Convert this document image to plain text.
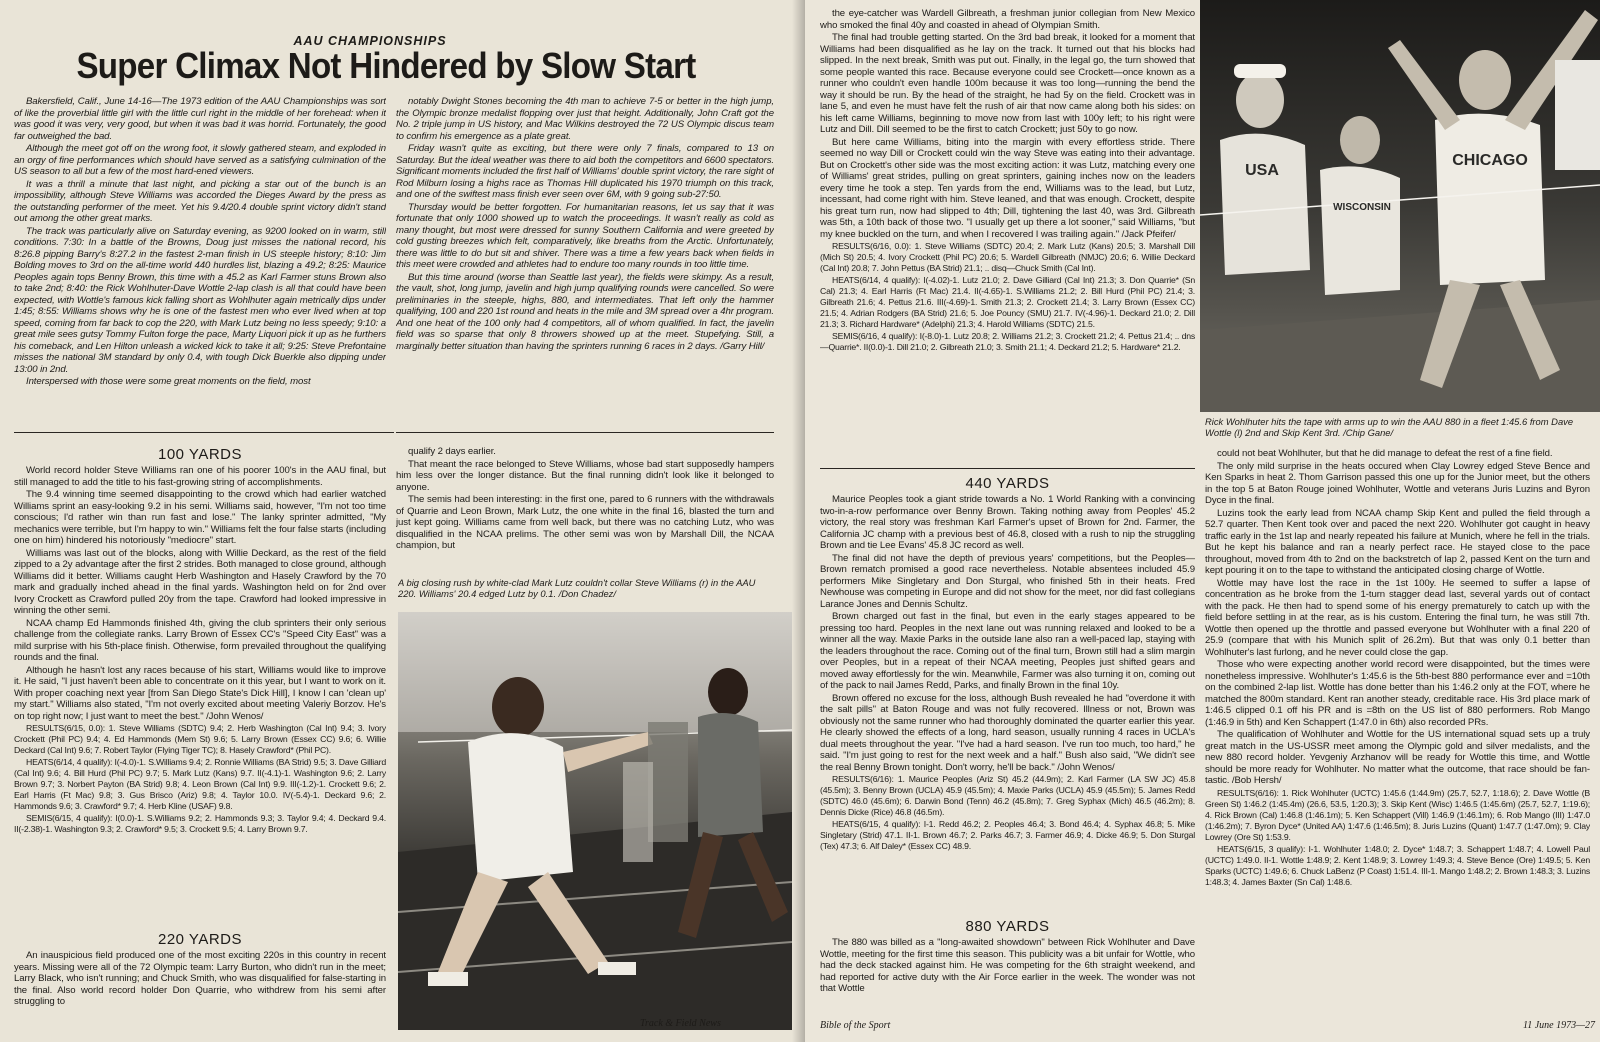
AAU CHAMPIONSHIPS
Super Climax Not Hindered by Slow Start

Bakersfield, Calif., June 14-16—The 1973 edition of the AAU Championships was sort of like the proverbial little girl with the little curl right in the middle of her forehead: when it was good it was very, very good, but when it was bad it was horrid. Fortunately, the good far outweighed the bad.

Although the meet got off on the wrong foot, it slowly gathered steam, and exploded in an orgy of fine performances which should have served as a satisfying culmination of the US season to all but a few of the most hard-ened viewers.

It was a thrill a minute that last night, and picking a star out of the bunch is an impossibility, although Steve Williams was accorded the Dieges Award by the press as the outstanding performer of the meet. Yet his 9.4/20.4 double sprint victory didn't stand out among the other great marks.

The track was particularly alive on Saturday evening, as 9200 looked on in warm, still conditions. 7:30: In a battle of the Browns, Doug just misses the national record, his 8:26.8 pipping Barry's 8:27.2 in the fastest 2-man finish in US steeple history; 8:10: Jim Bolding moves to 3rd on the all-time world 440 hurdles list, blazing a 49.2; 8:25: Maurice Peoples again tops Benny Brown, this time with a 45.2 as Karl Farmer stuns Brown also to take 2nd; 8:40: the Rick Wohlhuter-Dave Wottle 2-lap clash is all that could have been expected, with Wottle's famous kick falling short as Wohlhuter again metrically dips under 1:45; 8:55: Williams shows why he is one of the fastest men who ever lived when at top speed, coming from far back to cop the 220, with Mark Lutz being no less speedy; 9:10: a great mile sees gutsy Tommy Fulton forge the pace, Marty Liquori pick it up as he furthers his comeback, and Len Hilton unleash a wicked kick to take it all; 9:25: Steve Prefontaine misses the national 3M standard by only 0.4, with tough Dick Buerkle also dipping under 13:00 in 2nd.

Interspersed with those were some great moments on the field, most

notably Dwight Stones becoming the 4th man to achieve 7-5 or better in the high jump, the Olympic bronze medalist flopping over just that height. Additionally, John Craft got the No. 2 triple jump in US history, and Mac Wilkins destroyed the 72 US Olympic discus team to confirm his emergence as a plate great.

Friday wasn't quite as exciting, but there were only 7 finals, compared to 13 on Saturday. But the ideal weather was there to aid both the competitors and 6600 spectators. Significant moments included the first half of Williams' double sprint victory, the rare sight of Rod Milburn losing a highs race as Thomas Hill duplicated his 1970 triumph on this track, and one of the swiftest mass finish ever seen over 6M, with 9 going sub-27:50.

Thursday would be better forgotten. For humanitarian reasons, let us say that it was fortunate that only 1000 showed up to watch the proceedings. It wasn't really as cold as many thought, but most were dressed for sunny Southern California and were greeted by cold gusting breezes which felt, comparatively, like breaths from the Arctic. Unfortunately, there was little to do but sit and shiver. There was a time a few years back when fields in this meet were crowded and athletes had to endure too many rounds in too little time.

But this time around (worse than Seattle last year), the fields were skimpy. As a result, the vault, shot, long jump, javelin and high jump qualifying rounds were cancelled. So were preliminaries in the steeple, highs, 880, and intermediates. That left only the hammer qualifying, 100 and 220 1st round and heats in the mile and 3M spread over a 4hr program. And one heat of the 100 only had 4 competitors, all of whom qualified. In fact, the javelin field was so sparse that only 8 throwers showed up at the meet. Stupefying. Still, a marginally better situation than having the sprinters running 6 races in 2 days. /Garry Hill/

100 YARDS

World record holder Steve Williams ran one of his poorer 100's in the AAU final, but still managed to add the title to his fast-growing string of accomplishments.

The 9.4 winning time seemed disappointing to the crowd which had earlier watched Williams sprint an easy-looking 9.2 in his semi. Williams said, however, "I'm not too time conscious; I'd rather win than run fast and lose." The lanky sprinter admitted, "My mechanics were terrible, but I'm happy to win." Williams felt the four false starts (including one on him) hindered his notoriously "mediocre" start.

Williams was last out of the blocks, along with Willie Deckard, as the rest of the field zipped to a 2y advantage after the first 2 strides. Both managed to close ground, although Williams did it better. Williams caught Herb Washington and Hasely Crawford by the 70 mark and gradually inched ahead in the final yards. Washington held on for 2nd over Ivory Crockett as Crawford pulled 20y from the tape. Crawford had looked impressive in winning the other semi.

NCAA champ Ed Hammonds finished 4th, giving the club sprinters their only serious challenge from the collegiate ranks. Larry Brown of Essex CC's "Speed City East" was a mild surprise with his 5th-place finish. Otherwise, form prevailed throughout the qualifying rounds and the final.

Although he hasn't lost any races because of his start, Williams would like to improve it. He said, "I just haven't been able to concentrate on it this year, but I want to work on it. With proper coaching next year [from San Diego State's Dick Hill], I know I can 'clean up' my start." Williams also stated, "I'm not overly excited about meeting Valeriy Borzov. He's on top right now; I just want to meet the best." /John Wenos/

RESULTS(6/15, 0.0): 1. Steve Williams (SDTC) 9.4; 2. Herb Washington (Cal Int) 9.4; 3. Ivory Crockett (Phil PC) 9.4; 4. Ed Hammonds (Mem St) 9.6; 5. Larry Brown (Essex CC) 9.6; 6. Willie Deckard (Cal Int) 9.6; 7. Robert Taylor (Flying Tiger TC); 8. Hasely Crawford* (Phil PC).

HEATS(6/14, 4 qualify): I(-4.0)-1. S.Williams 9.4; 2. Ronnie Williams (BA Strid) 9.5; 3. Dave Gilliard (Cal Int) 9.6; 4. Bill Hurd (Phil PC) 9.7; 5. Mark Lutz (Kans) 9.7. II(-4.1)-1. Washington 9.6; 2. Larry Brown 9.7; 3. Norbert Payton (BA Strid) 9.8; 4. Leon Brown (Cal Int) 9.9. III(-1.2)-1. Crockett 9.6; 2. Earl Harris (Ft Mac) 9.8; 3. Gus Brisco (Ariz) 9.8; 4. Taylor 10.0. IV(-5.4)-1. Deckard 9.6; 2. Hammonds 9.6; 3. Crawford* 9.7; 4. Herb Kline (USAF) 9.8.

SEMIS(6/15, 4 qualify): I(0.0)-1. S.Williams 9.2; 2. Hammonds 9.3; 3. Taylor 9.4; 4. Deckard 9.4. II(-2.38)-1. Washington 9.3; 2. Crawford* 9.5; 3. Crockett 9.5; 4. Larry Brown 9.7.

220 YARDS

An inauspicious field produced one of the most exciting 220s in this country in recent years. Missing were all of the 72 Olympic team: Larry Burton, who didn't run in the meet; Larry Black, who isn't running; and Chuck Smith, who was disqualified for false-starting in the final. Also world record holder Don Quarrie, who withdrew from his semi after struggling to

qualify 2 days earlier.

That meant the race belonged to Steve Williams, whose bad start supposedly hampers him less over the longer distance. But the final running didn't look like it belonged to anyone.

The semis had been interesting: in the first one, pared to 6 runners with the withdrawals of Quarrie and Leon Brown, Mark Lutz, the one white in the final 16, blasted the turn and just kept going. Williams came from well back, but there was no catching Lutz, who was disqualified in the NCAA prelims. The other semi was won by Marshall Dill, the NCAA champion, but

A big closing rush by white-clad Mark Lutz couldn't collar Steve Williams (r) in the AAU 220. Williams' 20.4 edged Lutz by 0.1. /Don Chadez/
Track & Field News

the eye-catcher was Wardell Gilbreath, a freshman junior collegian from New Mexico who smoked the final 40y and coasted in ahead of Olympian Smith.

The final had trouble getting started. On the 3rd bad break, it looked for a moment that Williams had been disqualified as he lay on the track. It turned out that his blocks had slipped. In the next break, Smith was put out. Finally, in the legal go, the turn showed that some people wanted this race. Because everyone could see Crockett—once known as a runner who couldn't even handle 100m because it was too long—running the bend the way it should be run. By the head of the straight, he had 5y on the field. Crockett was in lane 5, and even he must have felt the rush of air that now came along both his sides: on his left came Williams, beginning to move now from last with 100y left; to his right were Lutz and Dill. Dill seemed to be the first to catch Crockett; just 50y to go now.

But here came Williams, biting into the margin with every effortless stride. There seemed no way Dill or Crockett could win the way Steve was eating into their advantage. But on Crockett's other side was the most exciting action: it was Lutz, matching every one of Williams' great strides, pulling on great sprinters, gaining inches now on the leaders every time he took a step. Ten yards from the end, Williams was to the lead, but Lutz, incessant, had come right with him. Steve leaned, and that was enough. Crockett, despite his great turn run, now had slipped to 4th; Dill, tightening the last 40, was 3rd. Gilbreath was 5th, a 10th back of those two. "I usually get up there a lot sooner," said Williams, "but my knee buckled on the turn, and when I recovered I was trailing again." /Jack Pfeifer/

RESULTS(6/16, 0.0): 1. Steve Williams (SDTC) 20.4; 2. Mark Lutz (Kans) 20.5; 3. Marshall Dill (Mich St) 20.5; 4. Ivory Crockett (Phil PC) 20.6; 5. Wardell Gilbreath (NMJC) 20.6; 6. Willie Deckard (Cal Int) 20.8; 7. John Pettus (BA Strid) 21.1; .. disq—Chuck Smith (Cal Int).

HEATS(6/14, 4 qualify): I(-4.02)-1. Lutz 21.0; 2. Dave Gilliard (Cal Int) 21.3; 3. Don Quarrie* (Sn Cal) 21.3; 4. Earl Harris (Ft Mac) 21.4. II(-4.65)-1. S.Williams 21.2; 2. Bill Hurd (Phil PC) 21.4; 3. Gilbreath 21.6; 4. Pettus 21.6. III(-4.69)-1. Smith 21.3; 2. Crockett 21.4; 3. Larry Brown (Essex CC) 21.5; 4. Adrian Rodgers (BA Strid) 21.6; 5. Joe Pouncy (SMU) 21.7. IV(-4.96)-1. Deckard 21.0; 2. Dill 21.3; 3. Richard Hardware* (Adelphi) 21.3; 4. Harold Williams (SDTC) 21.5.

SEMIS(6/16, 4 qualify): I(-8.0)-1. Lutz 20.8; 2. Williams 21.2; 3. Crockett 21.2; 4. Pettus 21.4; .. dns—Quarrie*. II(0.0)-1. Dill 21.0; 2. Gilbreath 21.0; 3. Smith 21.1; 4. Deckard 21.2; 5. Hardware* 21.2.

440 YARDS

Maurice Peoples took a giant stride towards a No. 1 World Ranking with a convincing two-in-a-row performance over Benny Brown. Taking nothing away from Peoples' 45.2 victory, the real story was freshman Karl Farmer's upset of Brown for 2nd. Farmer, the California JC champ with a previous best of 46.8, closed with a rush to nip the struggling Brown and tie Lee Evans' 45.8 JC record as well.

The final did not have the depth of previous years' competitions, but the Peoples—Brown rematch promised a good race nevertheless. Notable absentees included 45.9 performers Mike Singletary and Don Sturgal, who finished 5th in their heats. Fred Newhouse was competing in Europe and did not show for the meet, nor did fast collegians Larance Jones and Dennis Schultz.

Brown charged out fast in the final, but even in the early stages appeared to be pressing too hard. Peoples in the next lane out was running relaxed and looked to be a winner all the way. Maxie Parks in the outside lane also ran a well-paced lap, staying with the leaders throughout the race. Coming out of the final turn, Brown still had a slim margin over Peoples, but in a repeat of their NCAA meeting, Peoples just shifted gears and moved away effortlessly for the win. Meanwhile, Farmer was also turning it on, coming out of the pack to nail James Redd, Parks, and finally Brown in the final 10y.

Brown offered no excuse for the loss, although Bush revealed he had "overdone it with the salt pills" at Baton Rouge and was not fully recovered. Illness or not, Brown was obviously not the same runner who had thoroughly dominated the quarter earlier this year. He clearly showed the effects of a long, hard season, usually running 4 races in UCLA's dual meets throughout the year. "I've had a hard season. I've run too much, too hard," he said. "I'm just going to rest for the next week and a half." Bush also said, "We didn't see the real Benny Brown tonight. Don't worry, he'll be back." /John Wenos/

RESULTS(6/16): 1. Maurice Peoples (Ariz St) 45.2 (44.9m); 2. Karl Farmer (LA SW JC) 45.8 (45.5m); 3. Benny Brown (UCLA) 45.9 (45.5m); 4. Maxie Parks (UCLA) 45.9 (45.5m); 5. James Redd (SDTC) 46.0 (45.6m); 6. Darwin Bond (Tenn) 46.2 (45.8m); 7. Greg Syphax (Mich) 46.5 (46.2m); 8. Dennis Dicke (Rice) 46.8 (46.5m).

HEATS(6/15, 4 qualify): I-1. Redd 46.2; 2. Peoples 46.4; 3. Bond 46.4; 4. Syphax 46.8; 5. Mike Singletary (Strid) 47.1. II-1. Brown 46.7; 2. Parks 46.7; 3. Farmer 46.9; 4. Dicke 46.9; 5. Don Sturgal (Tex) 47.3; 6. Alf Daley* (Essex CC) 48.9.

880 YARDS

The 880 was billed as a "long-awaited showdown" between Rick Wohlhuter and Dave Wottle, meeting for the first time this season. This publicity was a bit unfair for Wottle, who had the deck stacked against him. He was competing for the 6th straight weekend, and had reported for active duty with the Air Force earlier in the week. The wonder was not that Wottle

USA
WISCONSIN
CHICAGO
Rick Wohlhuter hits the tape with arms up to win the AAU 880 in a fleet 1:45.6 from Dave Wottle (l) 2nd and Skip Kent 3rd. /Chip Gane/

could not beat Wohlhuter, but that he did manage to defeat the rest of a fine field.

The only mild surprise in the heats occured when Clay Lowrey edged Steve Bence and Ken Sparks in heat 2. Thom Garrison passed this one up for the Junior meet, but the others in the top 5 at Baton Rouge joined Wohlhuter, Wottle and veterans Juris Luzins and Byron Dyce in the final.

Luzins took the early lead from NCAA champ Skip Kent and pulled the field through a 52.7 quarter. Then Kent took over and paced the next 220. Wohlhuter got caught in heavy traffic early in the 1st lap and nearly repeated his failure at Munich, where he fell in the trials. But he kept his balance and ran a nearly perfect race. He stayed close to the pace throughout, moved from 4th to 2nd on the backstretch of lap 2, passed Kent on the turn and kept pouring it on to the tape to withstand the anticipated closing charge of Wottle.

Wottle may have lost the race in the 1st 100y. He seemed to suffer a lapse of concentration as he broke from the 1-turn stagger dead last, several yards out of contact with the pack. He then had to spend some of his energy prematurely to catch up with the field before settling in at the rear, as is his custom. Entering the final turn, he was still 7th. Wottle then opened up the throttle and passed everyone but Wohlhuter with a final 220 of 25.9 (compare that with his Munich split of 26.2m). But that was only 0.1 better than Wohlhuter's last furlong, and he never could close the gap.

Those who were expecting another world record were disappointed, but the times were nonetheless impressive. Wohlhuter's 1:45.6 is the 5th-best 880 performance ever and =10th on the combined 2-lap list. Wottle has done better than his 1:46.2 only at the FOT, where he matched the 800m standard. Kent ran another steady, creditable race. His 3rd place mark of 1:46.5 clipped 0.1 off his PR and is =8th on the US list of 880 performers. Rob Mango (1:46.9 in 5th) and Ken Schappert (1:47.0 in 6th) also recorded PRs.

The qualification of Wohlhuter and Wottle for the US international squad sets up a truly great match in the US-USSR meet among the Olympic gold and silver medalists, and the new 880 record holder. Yevgeniy Arzhanov will be ready for Wottle this time, and Wottle should be more ready for Wohlhuter. No matter what the outcome, that race should be fan-tastic. /Bob Hersh/

RESULTS(6/16): 1. Rick Wohlhuter (UCTC) 1:45.6 (1:44.9m) (25.7, 52.7, 1:18.6); 2. Dave Wottle (B Green St) 1:46.2 (1:45.4m) (26.6, 53.5, 1:20.3); 3. Skip Kent (Wisc) 1:46.5 (1:45.6m) (25.7, 52.7, 1:19.6); 4. Rick Brown (Cal) 1:46.8 (1:46.1m); 5. Ken Schappert (Vill) 1:46.9 (1:46.1m); 6. Rob Mango (III) 1:47.0 (1:46.2m); 7. Byron Dyce* (United AA) 1:47.6 (1:46.5m); 8. Juris Luzins (Quant) 1:47.7 (1:47.0m); 9. Clay Lowrey (Ore St) 1:53.9.

HEATS(6/15, 3 qualify): I-1. Wohlhuter 1:48.0; 2. Dyce* 1:48.7; 3. Schappert 1:48.7; 4. Lowell Paul (UCTC) 1:49.0. II-1. Wottle 1:48.9; 2. Kent 1:48.9; 3. Lowrey 1:49.3; 4. Steve Bence (Ore) 1:49.5; 5. Ken Sparks (UCTC) 1:49.6; 6. Chuck LaBenz (P Coast) 1:51.4. III-1. Mango 1:48.2; 2. Brown 1:48.3; 3. Luzins 1:48.3; 4. James Baxter (Sn Cal) 1:48.6.

Bible of the Sport	11 June 1973—27
